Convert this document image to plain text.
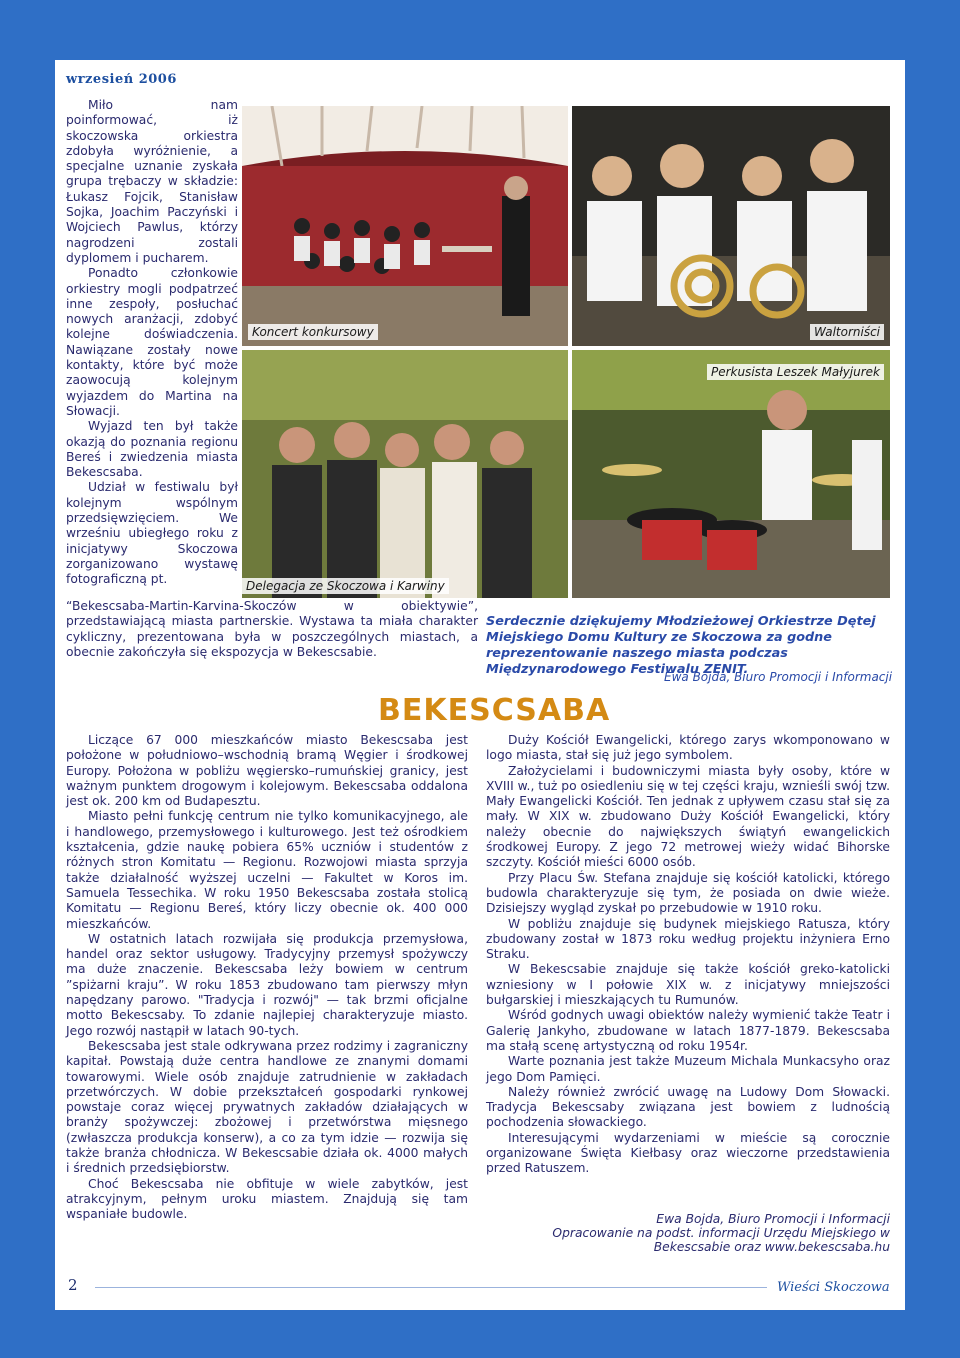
wrzesień 2006

Miło nam poinformować, iż skoczowska orkiestra zdobyła wyróżnienie, a specjalne uznanie zyskała grupa trębaczy w składzie: Łukasz Fojcik, Stanisław Sojka, Joachim Paczyński i Wojciech Pawlus, którzy nagrodzeni zostali dyplomem i pucharem.

Ponadto członkowie orkiestry mogli podpatrzeć inne zespoły, posłuchać nowych aranżacji, zdobyć kolejne doświadczenia. Nawiązane zostały nowe kontakty, które być może zaowocują kolejnym wyjazdem do Martina na Słowacji.

Wyjazd ten był także okazją do poznania regionu Bereś i zwiedzenia miasta Bekescsaba.

Udział w festiwalu był kolejnym wspólnym przedsięwzięciem. We wrześniu ubiegłego roku z inicjatywy Skoczowa zorganizowano wystawę fotograficzną pt.

“Bekescsaba-Martin-Karvina-Skoczów w obiektywie”, przedstawiającą miasta partnerskie. Wystawa ta miała charakter cykliczny, prezentowana była w poszczególnych miastach, a obecnie zakończyła się ekspozycja w Bekescsabie.

Koncert konkursowy	Waltorniści
Delegacja ze Skoczowa i Karwiny
Perkusista Leszek Małyjurek
Serdecznie dziękujemy Młodzieżowej Orkiestrze Dętej Miejskiego Domu Kultury ze Skoczowa za godne reprezentowanie naszego miasta podczas Międzynarodowego Festiwalu ZENIT.
Ewa Bojda, Biuro Promocji i Informacji
BEKESCSABA

Liczące 67 000 mieszkańców miasto Bekescsaba jest położone w południowo–wschodnią bramą Węgier i środkowej Europy. Położona w pobliżu węgiersko–rumuńskiej granicy, jest ważnym punktem drogowym i kolejowym. Bekescsaba oddalona jest ok. 200 km od Budapesztu.

Miasto pełni funkcję centrum nie tylko komunikacyjnego, ale i handlowego, przemysłowego i kulturowego. Jest też ośrodkiem kształcenia, gdzie naukę pobiera 65% uczniów i studentów z różnych stron Komitatu — Regionu. Rozwojowi miasta sprzyja także działalność wyższej uczelni — Fakultet w Koros im. Samuela Tessechika. W roku 1950 Bekescsaba została stolicą Komitatu — Regionu Bereś, który liczy obecnie ok. 400 000 mieszkańców.

W ostatnich latach rozwijała się produkcja przemysłowa, handel oraz sektor usługowy. Tradycyjny przemysł spożywczy ma duże znaczenie. Bekescsaba leży bowiem w centrum ”spiżarni kraju”. W roku 1853 zbudowano tam pierwszy młyn napędzany parowo. "Tradycja i rozwój" — tak brzmi oficjalne motto Bekescsaby. To zdanie najlepiej charakteryzuje miasto. Jego rozwój nastąpił w latach 90-tych.

Bekescsaba jest stale odkrywana przez rodzimy i zagraniczny kapitał. Powstają duże centra handlowe ze znanymi domami towarowymi. Wiele osób znajduje zatrudnienie w zakładach przetwórczych. W dobie przekształceń gospodarki rynkowej powstaje coraz więcej prywatnych zakładów działających w branży spożywczej: zbożowej i przetwórstwa mięsnego (zwłaszcza produkcja konserw), a co za tym idzie — rozwija się także branża chłodnicza. W Bekescsabie działa ok. 4000 małych i średnich przedsiębiorstw.

Choć Bekescsaba nie obfituje w wiele zabytków, jest atrakcyjnym, pełnym uroku miastem. Znajdują się tam wspaniałe budowle.

Duży Kościół Ewangelicki, którego zarys wkomponowano w logo miasta, stał się już jego symbolem.

Założycielami i budowniczymi miasta były osoby, które w XVIII w., tuż po osiedleniu się w tej części kraju, wznieśli swój tzw. Mały Ewangelicki Kościół. Ten jednak z upływem czasu stał się za mały. W XIX w. zbudowano Duży Kościół Ewangelicki, który należy obecnie do największych świątyń ewangelickich środkowej Europy. Z jego 72 metrowej wieży widać Bihorske szczyty. Kościół mieści 6000 osób.

Przy Placu Św. Stefana znajduje się kościół katolicki, którego budowla charakteryzuje się tym, że posiada on dwie wieże. Dzisiejszy wygląd zyskał po przebudowie w 1910 roku.

W pobliżu znajduje się budynek miejskiego Ratusza, który zbudowany został w 1873 roku według projektu inżyniera Erno Straku.

W Bekescsabie znajduje się także kościół greko-katolicki wzniesiony w I połowie XIX w. z inicjatywy mniejszości bułgarskiej i mieszkających tu Rumunów.

Wśród godnych uwagi obiektów należy wymienić także Teatr i Galerię Jankyho, zbudowane w latach 1877-1879. Bekescsaba ma stałą scenę artystyczną od roku 1954r.

Warte poznania jest także Muzeum Michala Munkacsyho oraz jego Dom Pamięci.

Należy również zwrócić uwagę na Ludowy Dom Słowacki. Tradycja Bekescsaby związana jest bowiem z ludnością pochodzenia słowackiego.

Interesującymi wydarzeniami w mieście są corocznie organizowane Święta Kiełbasy oraz wieczorne przedstawienia przed Ratuszem.

Ewa Bojda, Biuro Promocji i Informacji
Opracowanie na podst. informacji Urzędu Miejskiego w Bekescsabie oraz www.bekescsaba.hu
2	Wieści Skoczowa
